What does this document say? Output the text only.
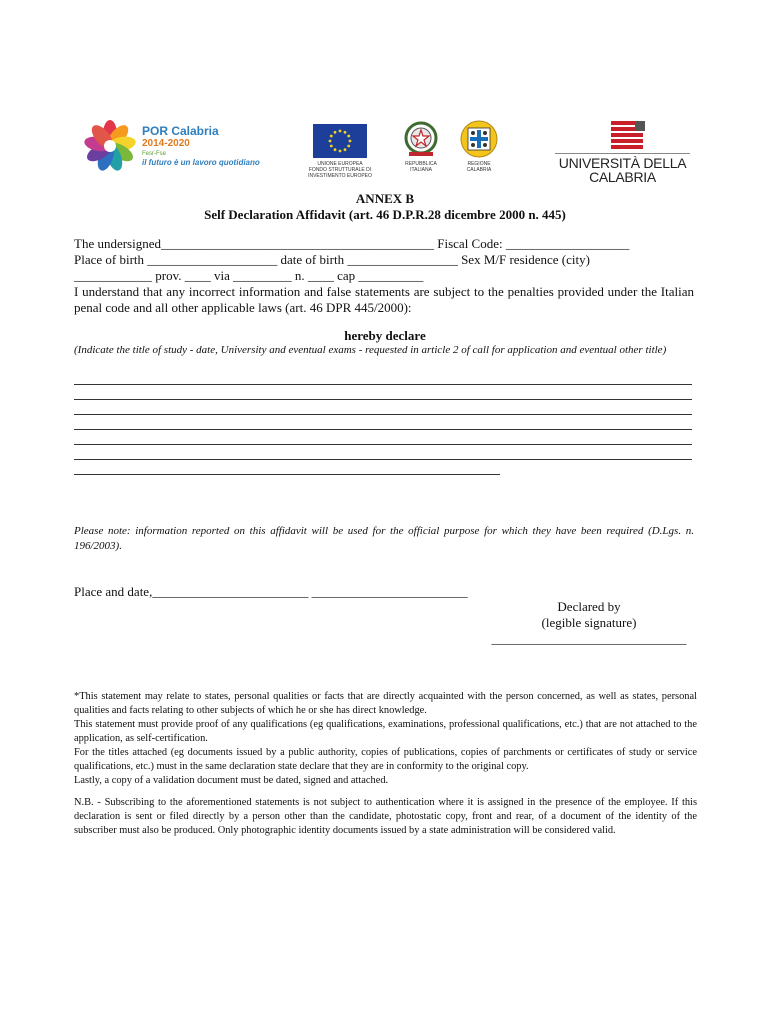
POR Calabria
2014-2020
Fesr-Fse
il futuro è un lavoro quotidiano	UNIONE EUROPEA
FONDO STRUTTURALE DI INVESTIMENTO EUROPEO
REPUBBLICA
ITALIANA
REGIONE
CALABRIA	UNIVERSITÀ DELLA
CALABRIA
ANNEX B
Self Declaration Affidavit (art. 46 D.P.R.28 dicembre 2000 n. 445)
The undersigned__________________________________________ Fiscal Code: ___________________
Place of birth ____________________ date of birth _________________ Sex M/F residence (city)
____________ prov. ____ via _________ n. ____ cap __________
I understand that any incorrect information and false statements are subject to the penalties provided under the Italian penal code and all other applicable laws (art. 46 DPR 445/2000):
hereby declare
(Indicate the title of study - date, University and eventual exams - requested in article 2 of call for application and eventual other title)
Please note: information reported on this affidavit will be used for the official purpose for which they have been required (D.Lgs. n. 196/2003).
Place and date,________________________ ________________________
Declared by
(legible signature)
______________________________
*This statement may relate to states, personal qualities or facts that are directly acquainted with the person concerned, as well as states, personal qualities and facts relating to other subjects of which he or she has direct knowledge.
This statement must provide proof of any qualifications (eg qualifications, examinations, professional qualifications, etc.) that are not attached to the application, as self-certification.
For the titles attached (eg documents issued by a public authority, copies of publications, copies of parchments or certificates of study or service qualifications, etc.) must in the same declaration state declare that they are in conformity to the original copy.
Lastly, a copy of a validation document must be dated, signed and attached.
N.B. - Subscribing to the aforementioned statements is not subject to authentication where it is assigned in the presence of the employee. If this declaration is sent or filed directly by a person other than the candidate, photostatic copy, front and rear, of a document of the identity of the subscriber must also be produced. Only photographic identity documents issued by a state administration will be considered valid.
